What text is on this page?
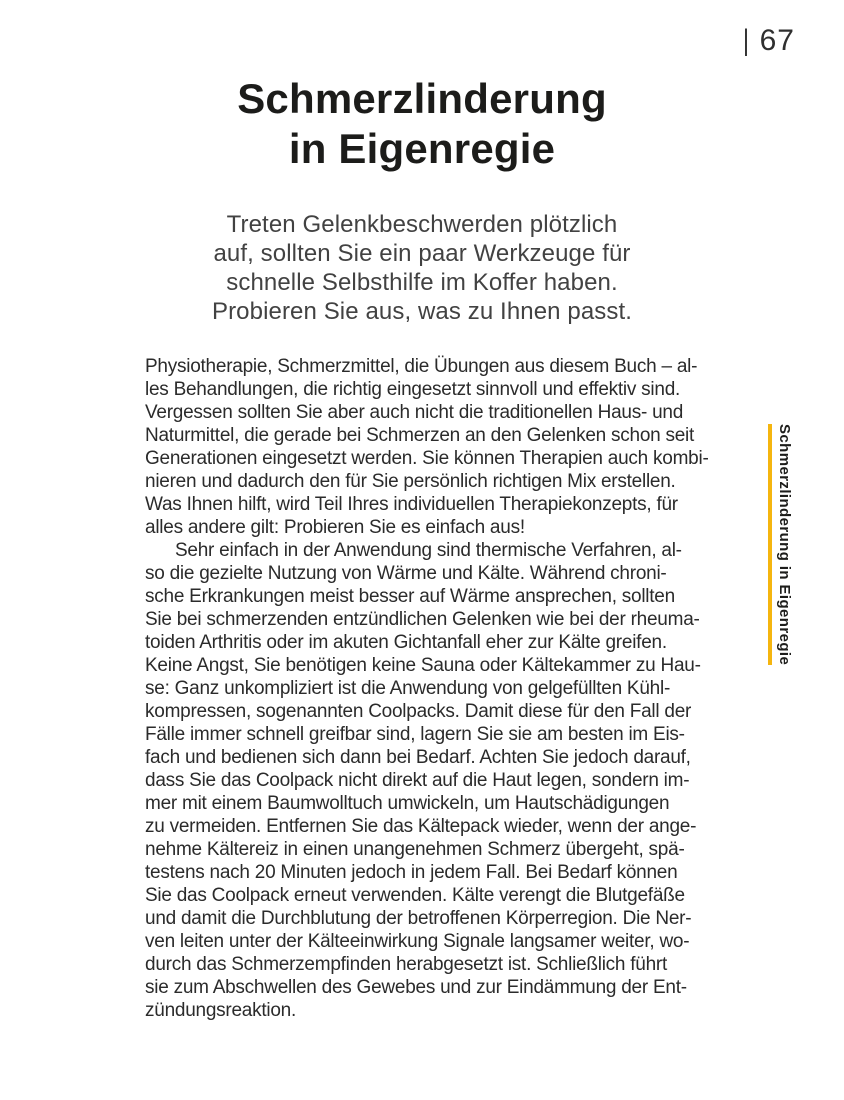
| 67
Schmerzlinderung
in Eigenregie
Treten Gelenkbeschwerden plötzlich
auf, sollten Sie ein paar Werkzeuge für
schnelle Selbsthilfe im Koffer haben.
Probieren Sie aus, was zu Ihnen passt.
Physiotherapie, Schmerzmittel, die Übungen aus diesem Buch – al-
les Behandlungen, die richtig eingesetzt sinnvoll und effektiv sind.
Vergessen sollten Sie aber auch nicht die traditionellen Haus- und
Naturmittel, die gerade bei Schmerzen an den Gelenken schon seit
Generationen eingesetzt werden. Sie können Therapien auch kombi-
nieren und dadurch den für Sie persönlich richtigen Mix erstellen.
Was Ihnen hilft, wird Teil Ihres individuellen Therapiekonzepts, für
alles andere gilt: Probieren Sie es einfach aus!
Sehr einfach in der Anwendung sind thermische Verfahren, al-
so die gezielte Nutzung von Wärme und Kälte. Während chroni-
sche Erkrankungen meist besser auf Wärme ansprechen, sollten
Sie bei schmerzenden entzündlichen Gelenken wie bei der rheuma-
toiden Arthritis oder im akuten Gichtanfall eher zur Kälte greifen.
Keine Angst, Sie benötigen keine Sauna oder Kältekammer zu Hau-
se: Ganz unkompliziert ist die Anwendung von gelgefüllten Kühl-
kompressen, sogenannten Coolpacks. Damit diese für den Fall der
Fälle immer schnell greifbar sind, lagern Sie sie am besten im Eis-
fach und bedienen sich dann bei Bedarf. Achten Sie jedoch darauf,
dass Sie das Coolpack nicht direkt auf die Haut legen, sondern im-
mer mit einem Baumwolltuch umwickeln, um Hautschädigungen
zu vermeiden. Entfernen Sie das Kältepack wieder, wenn der ange-
nehme Kältereiz in einen unangenehmen Schmerz übergeht, spä-
testens nach 20 Minuten jedoch in jedem Fall. Bei Bedarf können
Sie das Coolpack erneut verwenden. Kälte verengt die Blutgefäße
und damit die Durchblutung der betroffenen Körperregion. Die Ner-
ven leiten unter der Kälteeinwirkung Signale langsamer weiter, wo-
durch das Schmerzempfinden herabgesetzt ist. Schließlich führt
sie zum Abschwellen des Gewebes und zur Eindämmung der Ent-
zündungsreaktion.
Schmerzlinderung in Eigenregie
